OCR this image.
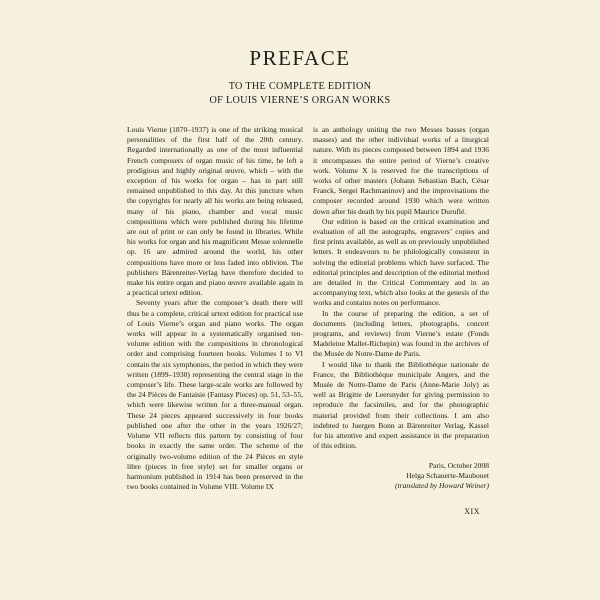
PREFACE
TO THE COMPLETE EDITION
OF LOUIS VIERNE’S ORGAN WORKS

Louis Vierne (1870–1937) is one of the striking musical personalities of the first half of the 20th century. Regarded internationally as one of the most influential French composers of organ music of his time, he left a prodigious and highly original œuvre, which – with the exception of his works for organ – has in part still remained unpublished to this day. At this juncture when the copyrights for nearly all his works are being released, many of his piano, chamber and vocal music compositions which were published during his lifetime are out of print or can only be found in libraries. While his works for organ and his magnificent Messe solennelle op. 16 are admired around the world, his other compositions have more or less faded into oblivion. The publishers Bärenreiter-Verlag have therefore decided to make his entire organ and piano œuvre available again in a practical urtext edition.

Seventy years after the composer’s death there will thus be a complete, critical urtext edition for practical use of Louis Vierne’s organ and piano works. The organ works will appear in a systematically organised ten-volume edition with the compositions in chronological order and comprising fourteen books. Volumes I to VI contain the six symphonies, the period in which they were written (1899–1930) representing the central stage in the composer’s life. These large-scale works are followed by the 24 Pièces de Fantaisie (Fantasy Pieces) op. 51, 53–55, which were likewise written for a three-manual organ. These 24 pieces appeared successively in four books published one after the other in the years 1926/27; Volume VII reflects this pattern by consisting of four books in exactly the same order. The scheme of the originally two-volume edition of the 24 Pièces en style libre (pieces in free style) set for smaller organs or harmonium published in 1914 has been preserved in the two books contained in Volume VIII. Volume IX

is an anthology uniting the two Messes basses (organ masses) and the other individual works of a liturgical nature. With its pieces composed between 1894 and 1936 it encompasses the entire period of Vierne’s creative work. Volume X is reserved for the transcriptions of works of other masters (Johann Sebastian Bach, César Franck, Sergei Rachmaninov) and the improvisations the composer recorded around 1930 which were written down after his death by his pupil Maurice Duruflé.

Our edition is based on the critical examination and evaluation of all the autographs, engravers’ copies and first prints available, as well as on previously unpublished letters. It endeavours to be philologically consistent in solving the editorial problems which have surfaced. The editorial principles and description of the editorial method are detailed in the Critical Commentary and in an accompanying text, which also looks at the genesis of the works and contains notes on performance.

In the course of preparing the edition, a set of documents (including letters, photographs, concert programs, and reviews) from Vierne’s estate (Fonds Madeleine Mallet-Richepin) was found in the archives of the Musée de Notre-Dame de Paris.

I would like to thank the Bibliothèque nationale de France, the Bibliothèque municipale Angers, and the Musée de Notre-Dame de Paris (Anne-Marie Joly) as well as Brigitte de Leersnyder for giving permission to reproduce the facsimiles, and for the photographic material provided from their collections. I am also indebted to Juergen Bonn at Bärenreiter Verlag, Kassel for his attentive and expert assistance in the preparation of this edition.

Paris, October 2008
Helga Schauerte-Maubouet
(translated by Howard Weiner)
XIX
